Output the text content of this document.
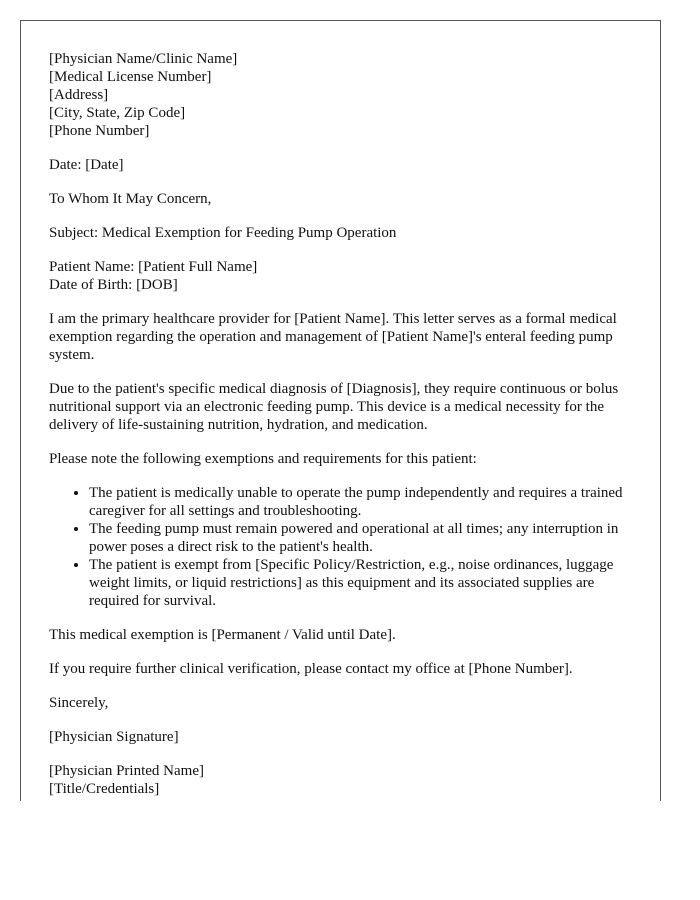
[Physician Name/Clinic Name]
[Medical License Number]
[Address]
[City, State, Zip Code]
[Phone Number]

Date: [Date]

To Whom It May Concern,

Subject: Medical Exemption for Feeding Pump Operation

Patient Name: [Patient Full Name]
Date of Birth: [DOB]

I am the primary healthcare provider for [Patient Name]. This letter serves as a formal medical exemption regarding the operation and management of [Patient Name]'s enteral feeding pump system.

Due to the patient's specific medical diagnosis of [Diagnosis], they require continuous or bolus nutritional support via an electronic feeding pump. This device is a medical necessity for the delivery of life-sustaining nutrition, hydration, and medication.

Please note the following exemptions and requirements for this patient:

• The patient is medically unable to operate the pump independently and requires a trained caregiver for all settings and troubleshooting.
• The feeding pump must remain powered and operational at all times; any interruption in power poses a direct risk to the patient's health.
• The patient is exempt from [Specific Policy/Restriction, e.g., noise ordinances, luggage weight limits, or liquid restrictions] as this equipment and its associated supplies are required for survival.

This medical exemption is [Permanent / Valid until Date].

If you require further clinical verification, please contact my office at [Phone Number].

Sincerely,

[Physician Signature]

[Physician Printed Name]
[Title/Credentials]
